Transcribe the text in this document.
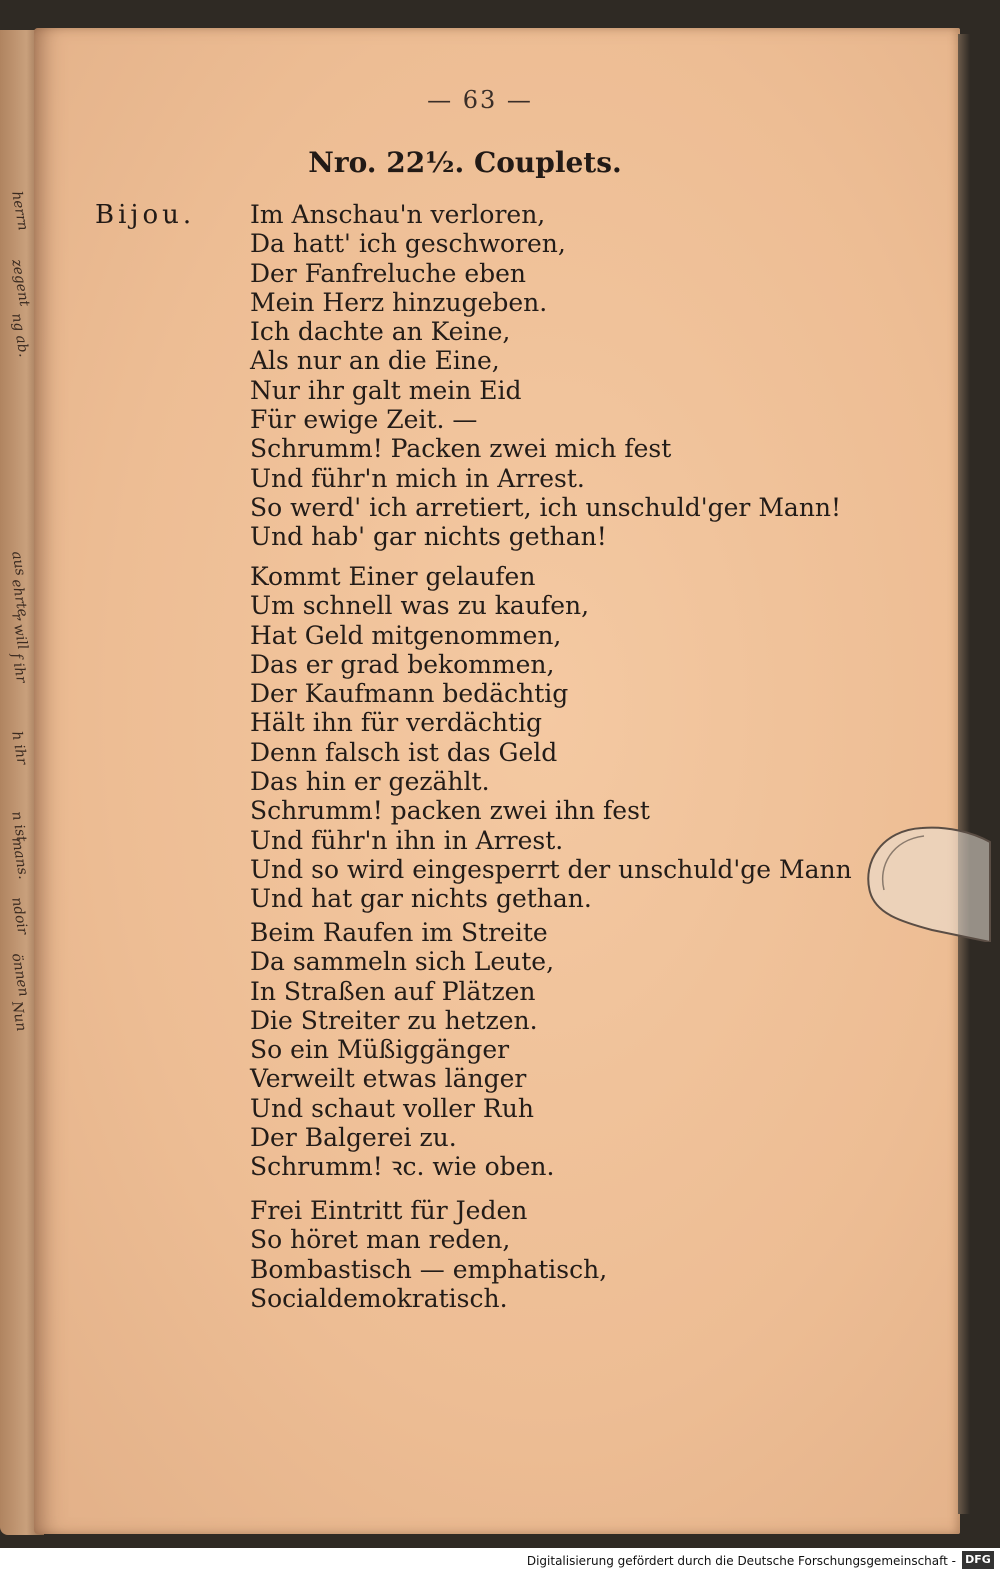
herrn
zegent
ng ab.
aus
ehrte,
r will
f ihr
h ihr
n ist
mans.
ndoir
önnen
Nun
— 63 —
Nro. 22½. Couplets.
Bijou. Im Anschau'n verloren,
Da hatt' ich geschworen,
Der Fanfreluche eben
Mein Herz hinzugeben.
Ich dachte an Keine,
Als nur an die Eine,
Nur ihr galt mein Eid
Für ewige Zeit. —
Schrumm! Packen zwei mich fest
Und führ'n mich in Arrest.
So werd' ich arretiert, ich unschuld'ger Mann!
Und hab' gar nichts gethan!
Kommt Einer gelaufen
Um schnell was zu kaufen,
Hat Geld mitgenommen,
Das er grad bekommen,
Der Kaufmann bedächtig
Hält ihn für verdächtig
Denn falsch ist das Geld
Das hin er gezählt.
Schrumm! packen zwei ihn fest
Und führ'n ihn in Arrest.
Und so wird eingesperrt der unschuld'ge Mann
Und hat gar nichts gethan.
Beim Raufen im Streite
Da sammeln sich Leute,
In Straßen auf Plätzen
Die Streiter zu hetzen.
So ein Müßiggänger
Verweilt etwas länger
Und schaut voller Ruh
Der Balgerei zu.
Schrumm! ꝛc. wie oben.
Frei Eintritt für Jeden
So höret man reden,
Bombastisch — emphatisch,
Socialdemokratisch.
Digitalisierung gefördert durch die Deutsche Forschungsgemeinschaft - DFG
